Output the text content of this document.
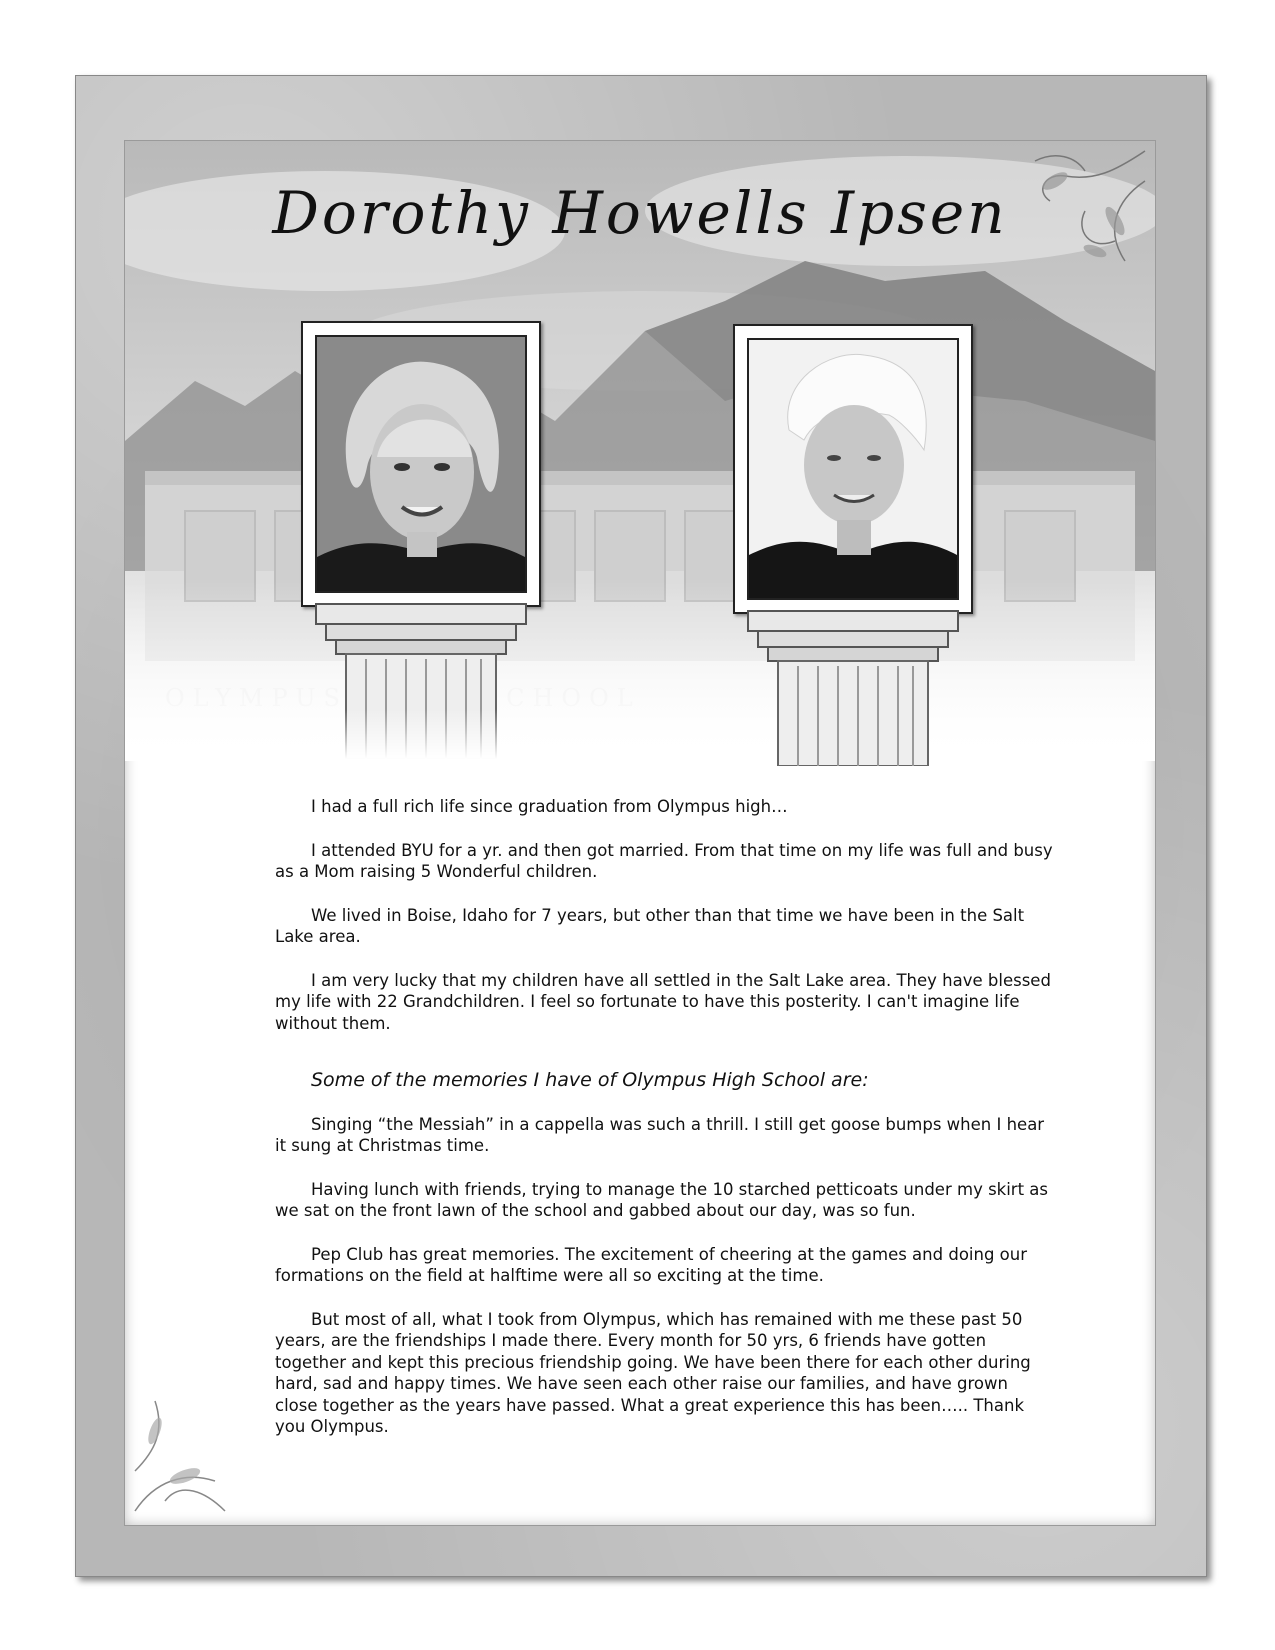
Dorothy Howells Ipsen

I had a full rich life since graduation from Olympus high…

I attended BYU for a yr. and then got married. From that time on my life was full and busy as a Mom raising 5 Wonderful children.

We lived in Boise, Idaho for 7 years, but other than that time we have been in the Salt Lake area.

I am very lucky that my children have all settled in the Salt Lake area. They have blessed my life with 22 Grandchildren. I feel so fortunate to have this posterity. I can't imagine life without them.

Some of the memories I have of Olympus High School are:

Singing “the Messiah” in a cappella was such a thrill. I still get goose bumps when I hear it sung at Christmas time.

Having lunch with friends, trying to manage the 10 starched petticoats under my skirt as we sat on the front lawn of the school and gabbed about our day, was so fun.

Pep Club has great memories. The excitement of cheering at the games and doing our formations on the field at halftime were all so exciting at the time.

But most of all, what I took from Olympus, which has remained with me these past 50 years, are the friendships I made there. Every month for 50 yrs, 6 friends have gotten together and kept this precious friendship going. We have been there for each other during hard, sad and happy times. We have seen each other raise our families, and have grown close together as the years have passed. What a great experience this has been….. Thank you Olympus.
